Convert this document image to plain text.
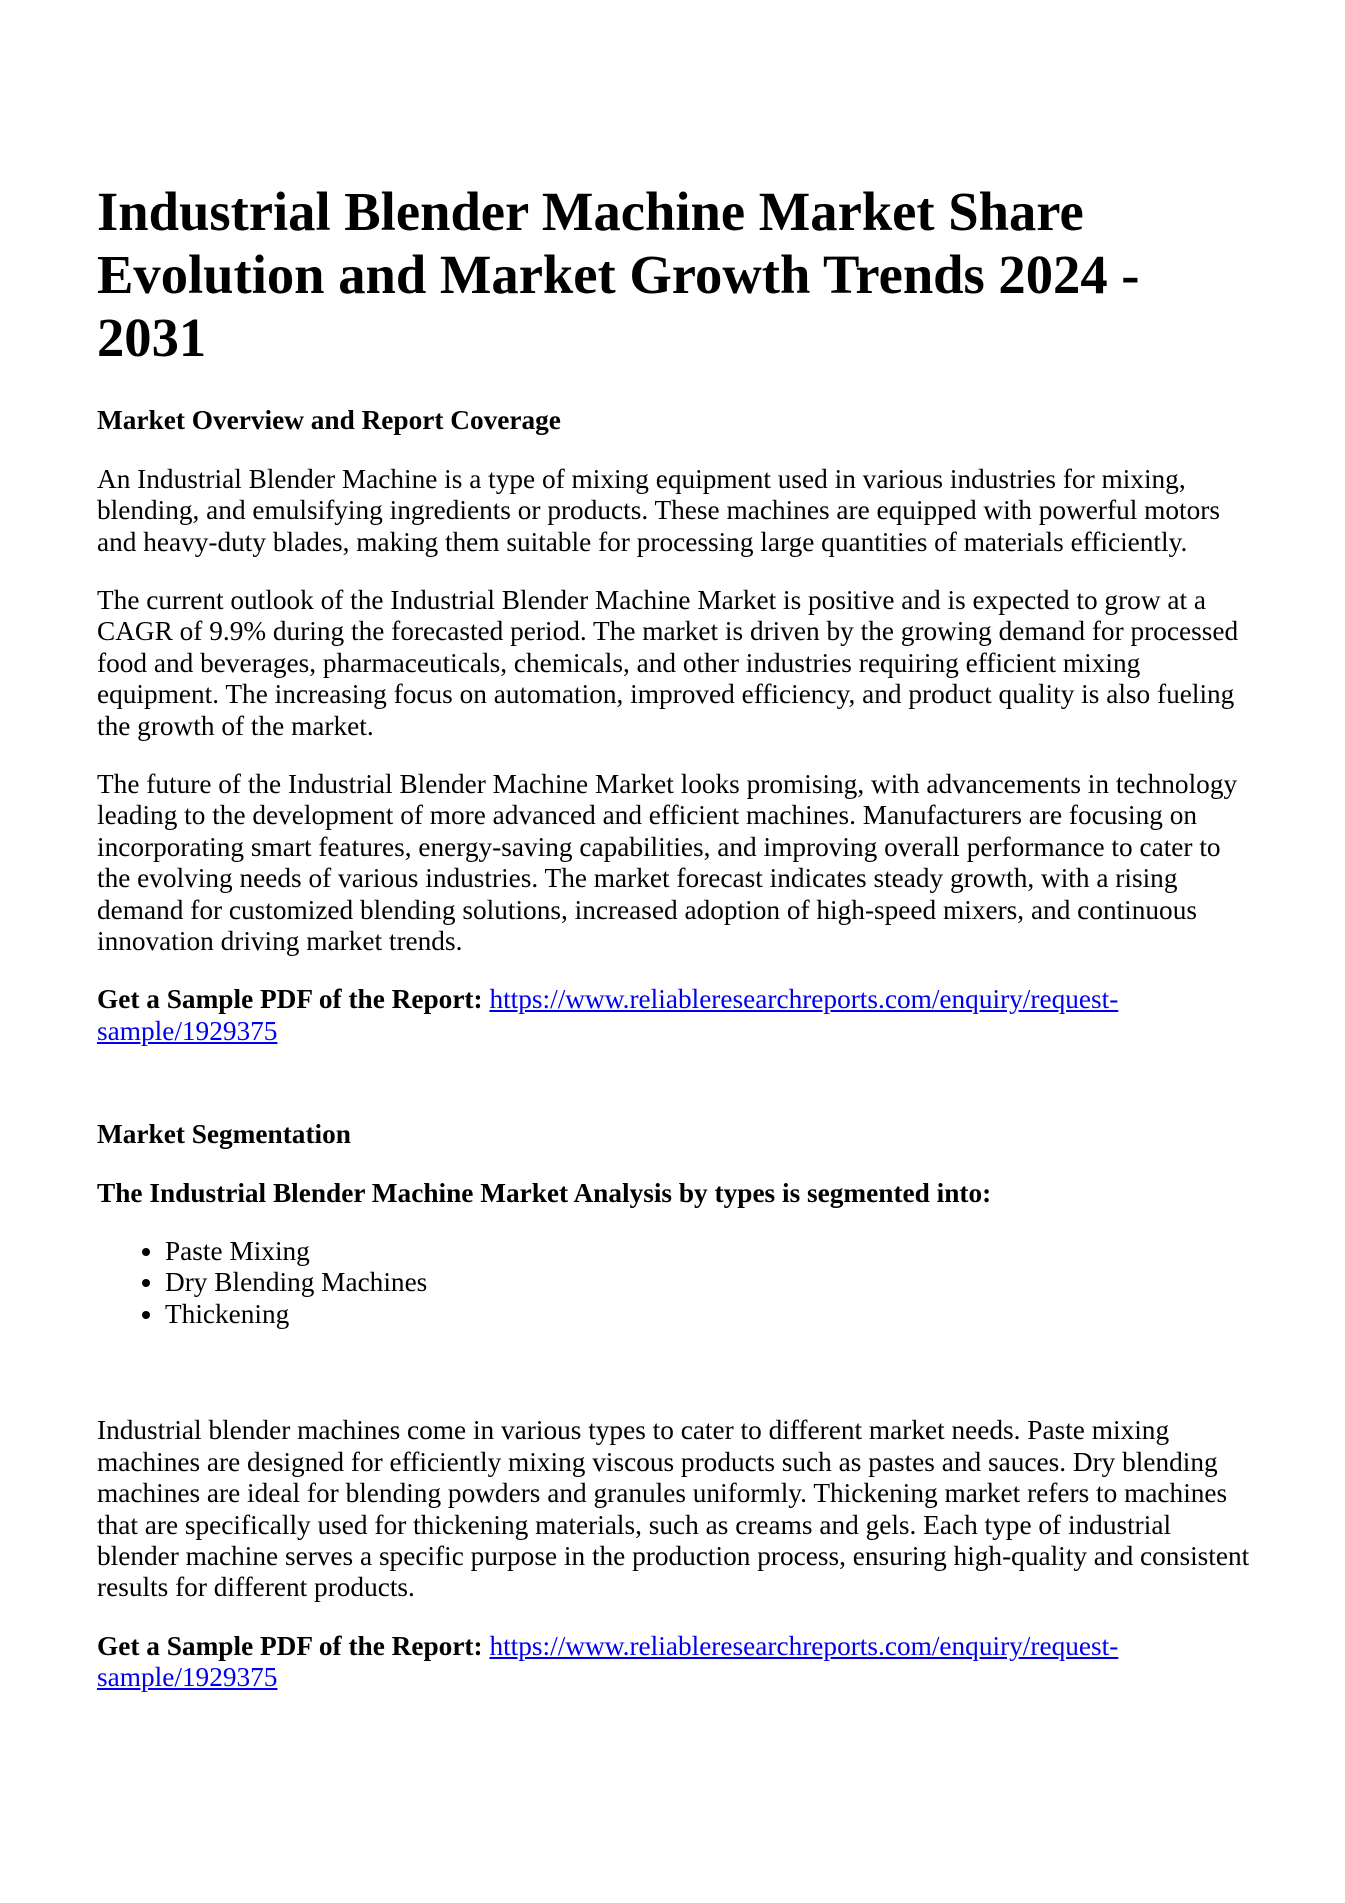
Industrial Blender Machine Market Share Evolution and Market Growth Trends 2024 - 2031

Market Overview and Report Coverage

An Industrial Blender Machine is a type of mixing equipment used in various industries for mixing, blending, and emulsifying ingredients or products. These machines are equipped with powerful motors and heavy-duty blades, making them suitable for processing large quantities of materials efficiently.

The current outlook of the Industrial Blender Machine Market is positive and is expected to grow at a CAGR of 9.9% during the forecasted period. The market is driven by the growing demand for processed food and beverages, pharmaceuticals, chemicals, and other industries requiring efficient mixing equipment. The increasing focus on automation, improved efficiency, and product quality is also fueling the growth of the market.

The future of the Industrial Blender Machine Market looks promising, with advancements in technology leading to the development of more advanced and efficient machines. Manufacturers are focusing on incorporating smart features, energy-saving capabilities, and improving overall performance to cater to the evolving needs of various industries. The market forecast indicates steady growth, with a rising demand for customized blending solutions, increased adoption of high-speed mixers, and continuous innovation driving market trends.

Get a Sample PDF of the Report: https://www.reliableresearchreports.com/enquiry/request-sample/1929375

Market Segmentation

The Industrial Blender Machine Market Analysis by types is segmented into:

• Paste Mixing
• Dry Blending Machines
• Thickening

Industrial blender machines come in various types to cater to different market needs. Paste mixing machines are designed for efficiently mixing viscous products such as pastes and sauces. Dry blending machines are ideal for blending powders and granules uniformly. Thickening market refers to machines that are specifically used for thickening materials, such as creams and gels. Each type of industrial blender machine serves a specific purpose in the production process, ensuring high-quality and consistent results for different products.

Get a Sample PDF of the Report: https://www.reliableresearchreports.com/enquiry/request-sample/1929375
